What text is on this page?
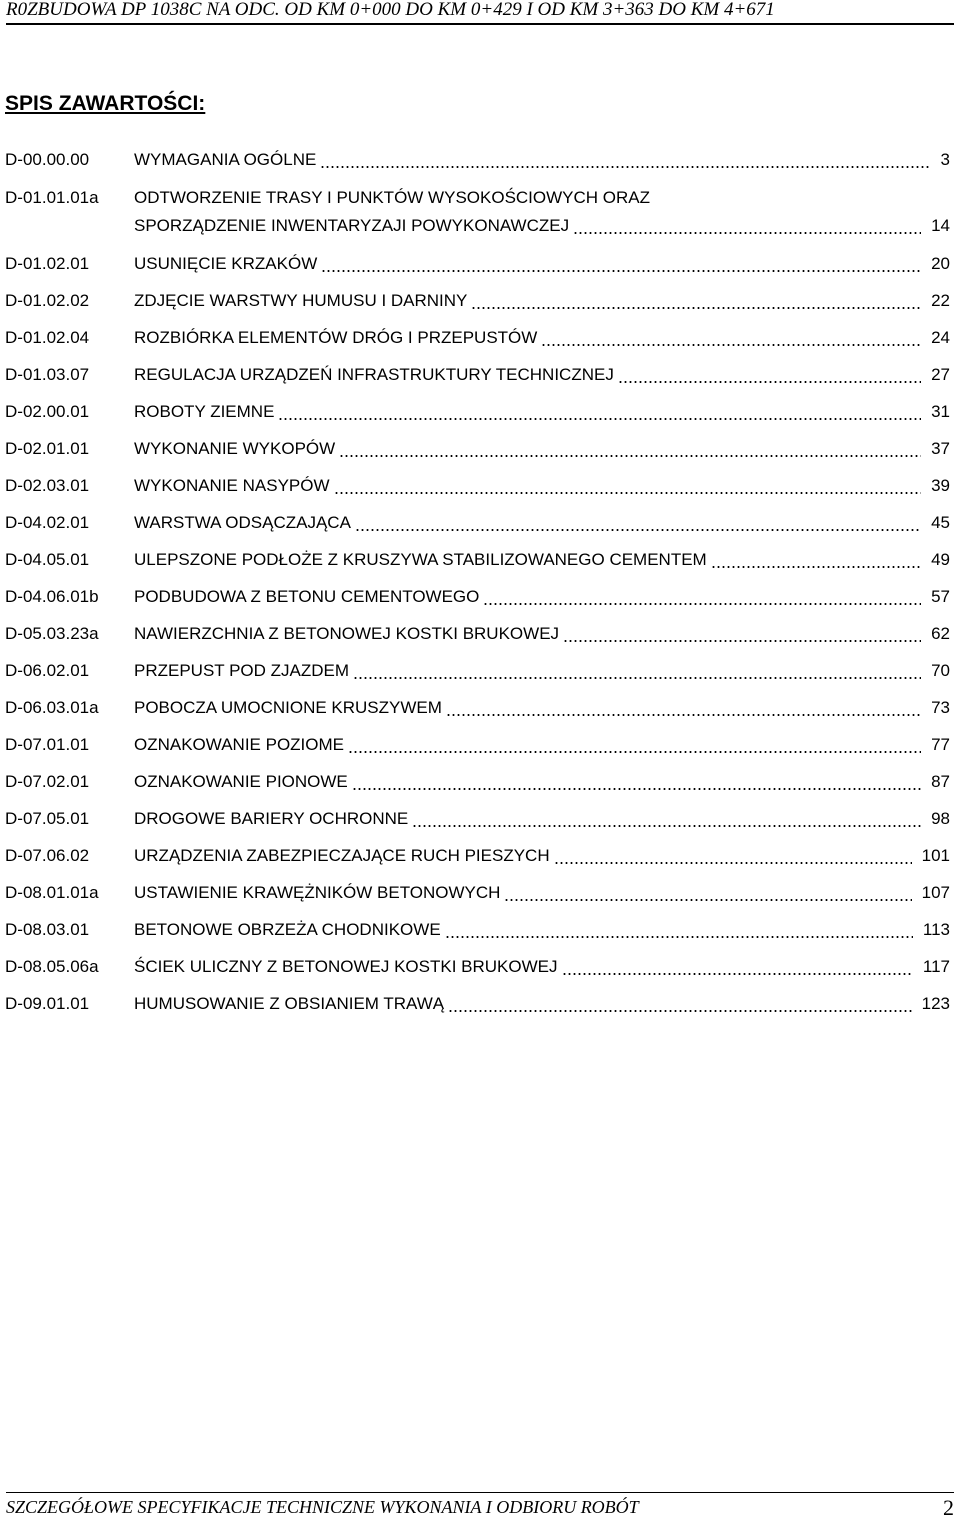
R0ZBUDOWA DP 1038C NA ODC. OD KM 0+000 DO KM 0+429 I OD KM 3+363 DO KM 4+671
SPIS ZAWARTOŚCI:
D-00.00.00	WYMAGANIA OGÓLNE	3
D-01.01.01a ODTWORZENIE TRASY I PUNKTÓW WYSOKOŚCIOWYCH ORAZ
SPORZĄDZENIE INWENTARYZAJI POWYKONAWCZEJ	14
D-01.02.01	USUNIĘCIE KRZAKÓW	20
D-01.02.02	ZDJĘCIE WARSTWY HUMUSU I DARNINY	22
D-01.02.04	ROZBIÓRKA ELEMENTÓW DRÓG I PRZEPUSTÓW	24
D-01.03.07	REGULACJA URZĄDZEŃ INFRASTRUKTURY TECHNICZNEJ	27
D-02.00.01	ROBOTY ZIEMNE	31
D-02.01.01	WYKONANIE WYKOPÓW	37
D-02.03.01	WYKONANIE NASYPÓW	39
D-04.02.01	WARSTWA ODSĄCZAJĄCA	45
D-04.05.01	ULEPSZONE PODŁOŻE Z KRUSZYWA STABILIZOWANEGO CEMENTEM	49
D-04.06.01b PODBUDOWA Z BETONU CEMENTOWEGO	57
D-05.03.23a NAWIERZCHNIA Z BETONOWEJ KOSTKI BRUKOWEJ	62
D-06.02.01	PRZEPUST POD ZJAZDEM	70
D-06.03.01a POBOCZA UMOCNIONE KRUSZYWEM	73
D-07.01.01	OZNAKOWANIE POZIOME	77
D-07.02.01	OZNAKOWANIE PIONOWE	87
D-07.05.01	DROGOWE BARIERY OCHRONNE	98
D-07.06.02	URZĄDZENIA ZABEZPIECZAJĄCE RUCH PIESZYCH	101
D-08.01.01a USTAWIENIE KRAWĘŻNIKÓW BETONOWYCH	107
D-08.03.01	BETONOWE OBRZEŻA CHODNIKOWE	113
D-08.05.06a ŚCIEK ULICZNY Z BETONOWEJ KOSTKI BRUKOWEJ	117
D-09.01.01	HUMUSOWANIE Z OBSIANIEM TRAWĄ	123
SZCZEGÓŁOWE SPECYFIKACJE TECHNICZNE WYKONANIA I ODBIORU ROBÓT	2
